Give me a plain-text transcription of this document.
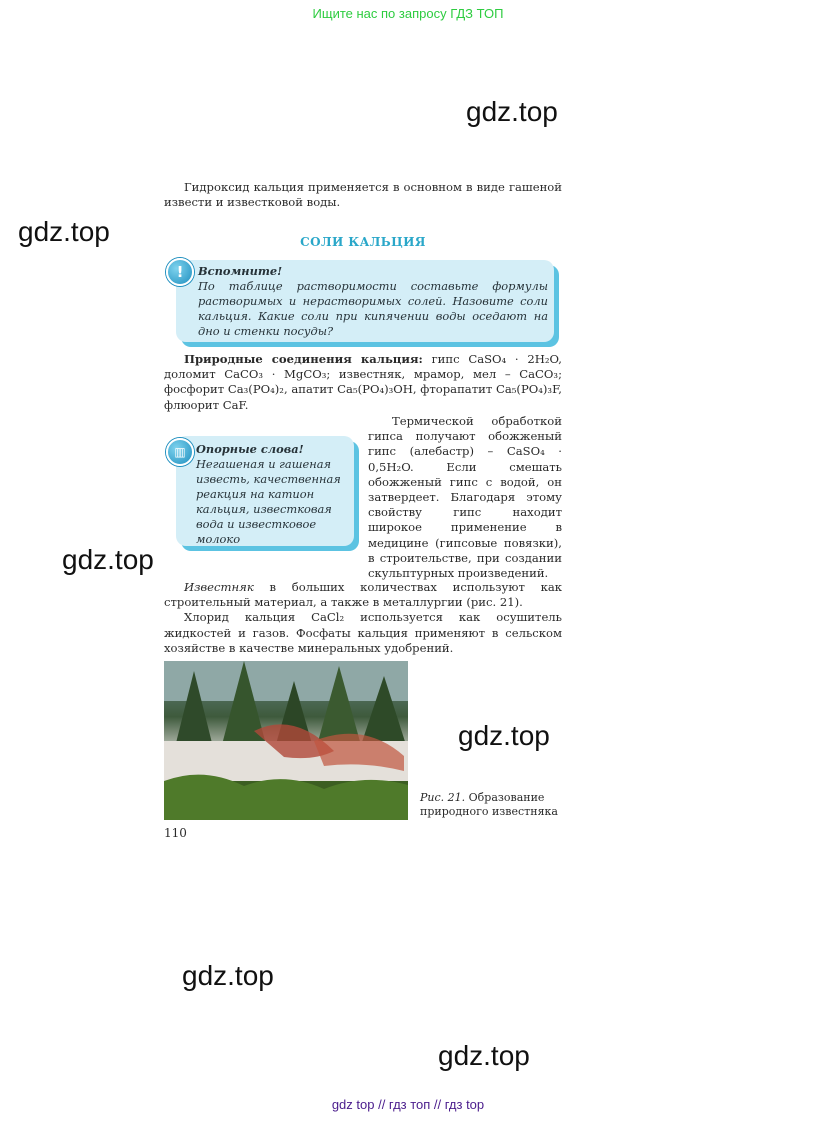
Ищите нас по запросу ГДЗ ТОП
gdz.top
gdz.top
gdz.top
gdz.top
gdz.top
gdz.top

Гидроксид кальция применяется в основном в виде гашеной извести и известковой воды.

СОЛИ КАЛЬЦИЯ
!	Вспомните!
По таблице растворимости составьте формулы растворимых и нерастворимых солей. Назовите соли кальция. Какие соли при кипячении воды оседают на дно и стенки посуды?

Природные соединения кальция: гипс CaSO₄ · 2H₂O, доломит CaCO₃ · MgCO₃; известняк, мрамор, мел – CaCO₃; фосфорит Ca₃(PO₄)₂, апатит Ca₅(PO₄)₃OH, фторапатит Ca₅(PO₄)₃F, флюорит CaF.

▥ Опорные слова!
Негашеная и гашеная известь, качественная реакция на катион кальция, известковая вода и известковое молоко

Термической обработкой гипса получают обожженый гипс (алебастр) – CaSO₄ · 0,5H₂O. Если смешать обожженый гипс с водой, он затвердеет. Благодаря этому свойству гипс находит широкое применение в медицине (гипсовые повязки), в строительстве, при создании скульптурных произведений.

Известняк в больших количествах используют как строительный материал, а также в металлургии (рис. 21).

Хлорид кальция CaCl₂ используется как осушитель жидкостей и газов. Фосфаты кальция применяют в сельском хозяйстве в качестве минеральных удобрений.

Рис. 21. Образование природного известняка
110
gdz top // гдз топ // гдз top
